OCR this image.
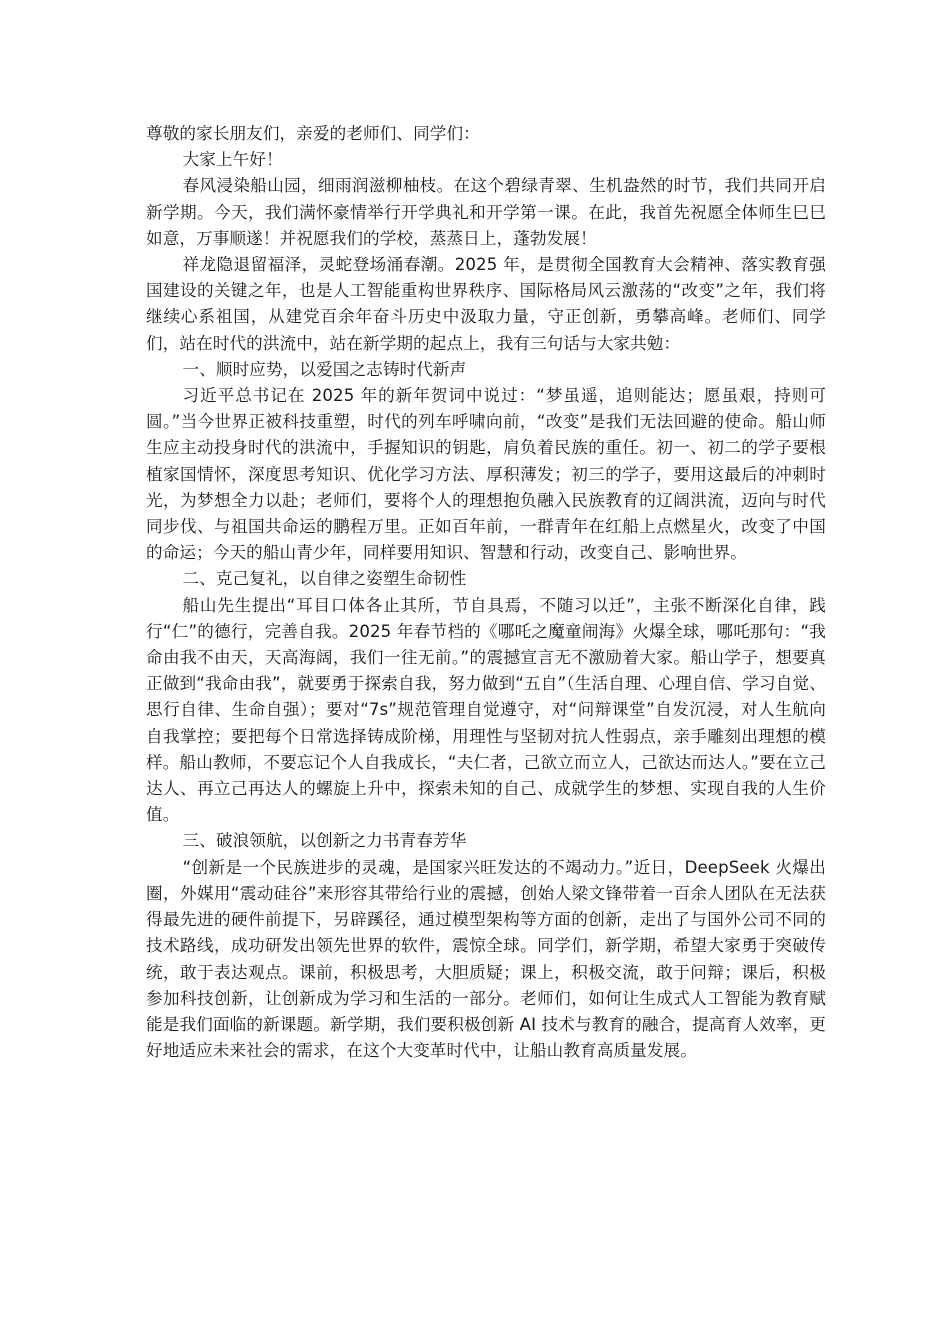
尊敬的家长朋友们，亲爱的老师们、同学们：

大家上午好！

春风浸染船山园，细雨润滋柳柚枝。在这个碧绿青翠、生机盎然的时节，我们共同开启新学期。今天，我们满怀豪情举行开学典礼和开学第一课。在此，我首先祝愿全体师生巳巳如意，万事顺遂！并祝愿我们的学校，蒸蒸日上，蓬勃发展！

祥龙隐退留福泽，灵蛇登场涌春潮。2025 年，是贯彻全国教育大会精神、落实教育强国建设的关键之年，也是人工智能重构世界秩序、国际格局风云激荡的“改变”之年，我们将继续心系祖国，从建党百余年奋斗历史中汲取力量，守正创新，勇攀高峰。老师们、同学们，站在时代的洪流中，站在新学期的起点上，我有三句话与大家共勉：

一、顺时应势，以爱国之志铸时代新声

习近平总书记在 2025 年的新年贺词中说过：“梦虽遥，追则能达；愿虽艰，持则可圆。”当今世界正被科技重塑，时代的列车呼啸向前，“改变”是我们无法回避的使命。船山师生应主动投身时代的洪流中，手握知识的钥匙，肩负着民族的重任。初一、初二的学子要根植家国情怀，深度思考知识、优化学习方法、厚积薄发；初三的学子，要用这最后的冲刺时光，为梦想全力以赴；老师们，要将个人的理想抱负融入民族教育的辽阔洪流，迈向与时代同步伐、与祖国共命运的鹏程万里。正如百年前，一群青年在红船上点燃星火，改变了中国的命运；今天的船山青少年，同样要用知识、智慧和行动，改变自己、影响世界。

二、克己复礼，以自律之姿塑生命韧性

船山先生提出“耳目口体各止其所，节自具焉，不随习以迁”，主张不断深化自律，践行“仁”的德行，完善自我。2025 年春节档的《哪吒之魔童闹海》火爆全球，哪吒那句：“我命由我不由天，天高海阔，我们一往无前。”的震撼宣言无不激励着大家。船山学子，想要真正做到“我命由我”，就要勇于探索自我，努力做到“五自”（生活自理、心理自信、学习自觉、思行自律、生命自强）；要对“7s”规范管理自觉遵守，对“问辩课堂”自发沉浸，对人生航向自我掌控；要把每个日常选择铸成阶梯，用理性与坚韧对抗人性弱点，亲手雕刻出理想的模样。船山教师，不要忘记个人自我成长，“夫仁者，己欲立而立人，己欲达而达人。”要在立己达人、再立己再达人的螺旋上升中，探索未知的自己、成就学生的梦想、实现自我的人生价值。

三、破浪领航，以创新之力书青春芳华

“创新是一个民族进步的灵魂，是国家兴旺发达的不竭动力。”近日，DeepSeek 火爆出圈，外媒用“震动硅谷”来形容其带给行业的震撼，创始人梁文锋带着一百余人团队在无法获得最先进的硬件前提下，另辟蹊径，通过模型架构等方面的创新，走出了与国外公司不同的技术路线，成功研发出领先世界的软件，震惊全球。同学们，新学期，希望大家勇于突破传统，敢于表达观点。课前，积极思考，大胆质疑；课上，积极交流，敢于问辩；课后，积极参加科技创新，让创新成为学习和生活的一部分。老师们，如何让生成式人工智能为教育赋能是我们面临的新课题。新学期，我们要积极创新 AI 技术与教育的融合，提高育人效率，更好地适应未来社会的需求，在这个大变革时代中，让船山教育高质量发展。
